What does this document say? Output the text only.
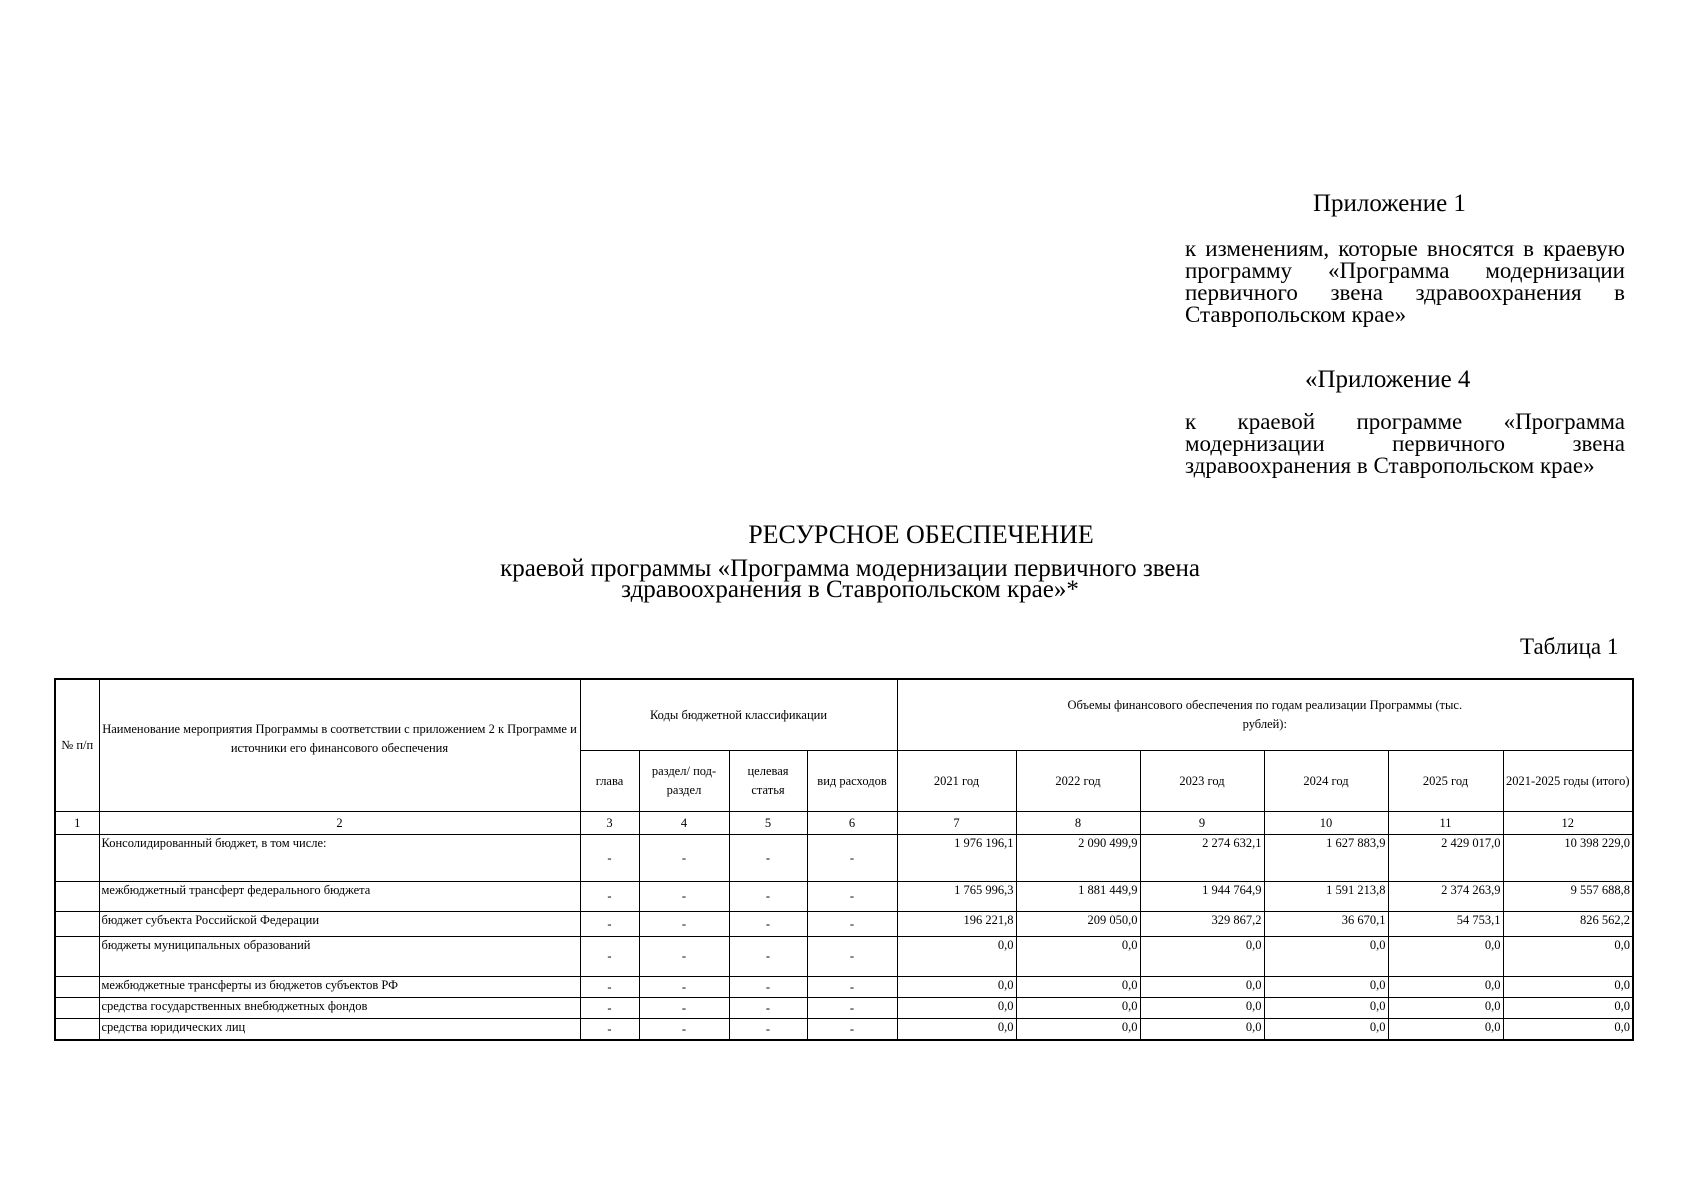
Приложение 1
к изменениям, которые вносятся в краевую программу «Программа модернизации первичного звена здравоохранения в Ставропольском крае»
«Приложение 4
к краевой программе «Программа модернизации первичного звена здравоохранения в Ставропольском крае»
РЕСУРСНОЕ ОБЕСПЕЧЕНИЕ
краевой программы «Программа модернизации первичного звена здравоохранения в Ставропольском крае»*
Таблица 1
№ п/п	Наименование мероприятия Программы в соответствии с приложением 2 к Программе и источники его финансового обеспечения	Коды бюджетной классификации				Объемы финансового обеспечения по годам реализации Программы (тыс. рублей):					
		глава	раздел/ под-раздел	целевая статья	вид расходов	2021 год	2022 год	2023 год	2024 год	2025 год	2021-2025 годы (итого)
1	2	3	4	5	6	7	8	9	10	11	12
	Консолидированный бюджет, в том числе:	-	-	-	-	1 976 196,1	2 090 499,9	2 274 632,1	1 627 883,9	2 429 017,0	10 398 229,0
	межбюджетный трансферт федерального бюджета	-	-	-	-	1 765 996,3	1 881 449,9	1 944 764,9	1 591 213,8	2 374 263,9	9 557 688,8
	бюджет субъекта Российской Федерации	-	-	-	-	196 221,8	209 050,0	329 867,2	36 670,1	54 753,1	826 562,2
	бюджеты муниципальных образований	-	-	-	-	0,0	0,0	0,0	0,0	0,0	0,0
	межбюджетные трансферты из бюджетов субъектов РФ	-	-	-	-	0,0	0,0	0,0	0,0	0,0	0,0
	средства государственных внебюджетных фондов	-	-	-	-	0,0	0,0	0,0	0,0	0,0	0,0
	средства юридических лиц	-	-	-	-	0,0	0,0	0,0	0,0	0,0	0,0
